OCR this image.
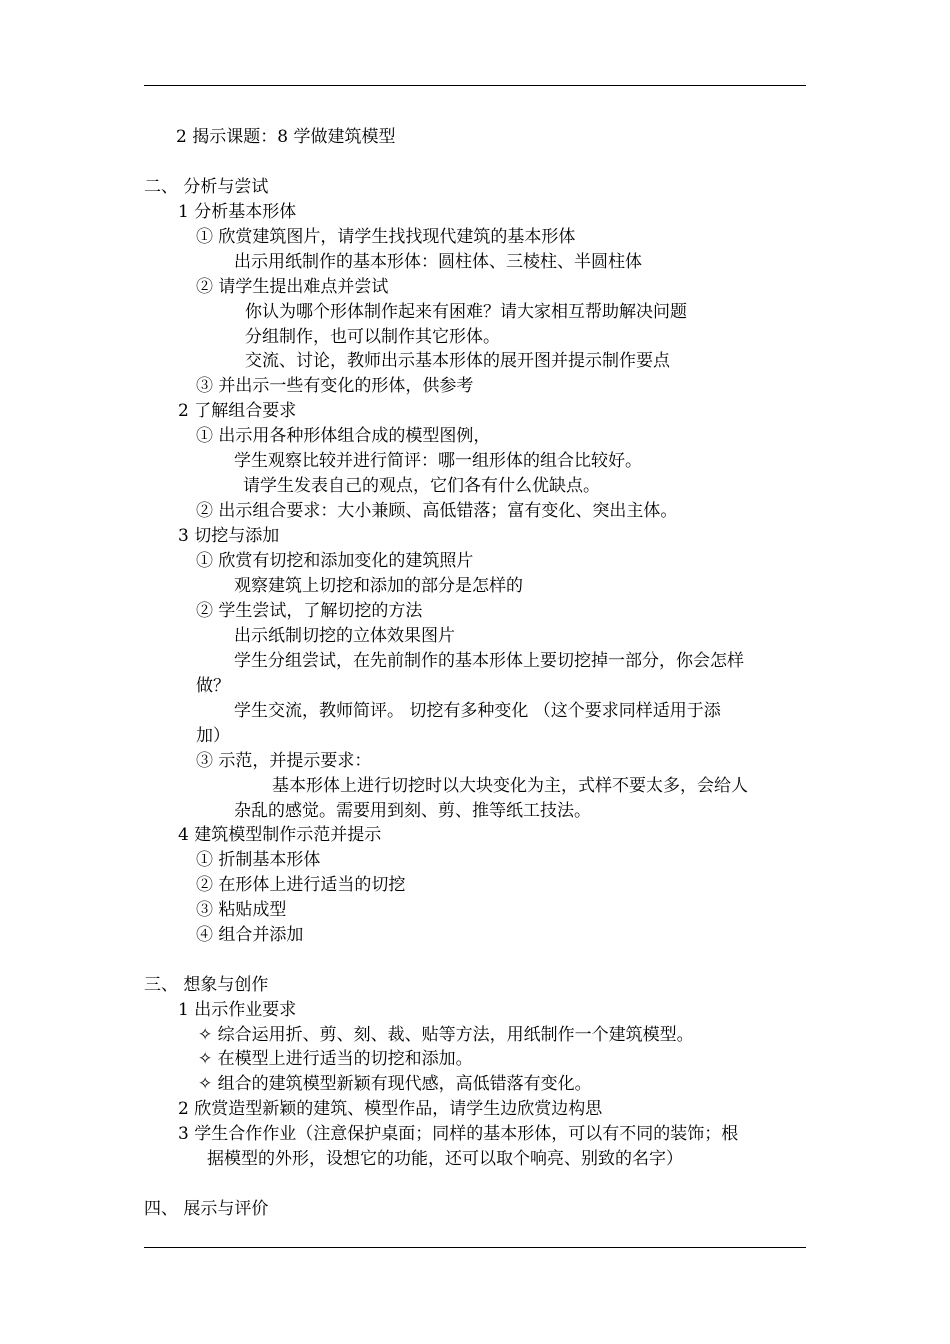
2 揭示课题：8 学做建筑模型
二、 分析与尝试
1 分析基本形体
① 欣赏建筑图片，请学生找找现代建筑的基本形体
出示用纸制作的基本形体：圆柱体、三棱柱、半圆柱体
② 请学生提出难点并尝试
你认为哪个形体制作起来有困难？请大家相互帮助解决问题
分组制作，也可以制作其它形体。
交流、讨论，教师出示基本形体的展开图并提示制作要点
③ 并出示一些有变化的形体，供参考
2 了解组合要求
① 出示用各种形体组合成的模型图例，
学生观察比较并进行简评：哪一组形体的组合比较好。
请学生发表自己的观点，它们各有什么优缺点。
② 出示组合要求：大小兼顾、高低错落；富有变化、突出主体。
3 切挖与添加
① 欣赏有切挖和添加变化的建筑照片
观察建筑上切挖和添加的部分是怎样的
② 学生尝试，了解切挖的方法
出示纸制切挖的立体效果图片
学生分组尝试，在先前制作的基本形体上要切挖掉一部分，你会怎样
做？
学生交流，教师简评。 切挖有多种变化 （这个要求同样适用于添
加）
③ 示范，并提示要求：
基本形体上进行切挖时以大块变化为主，式样不要太多，会给人
杂乱的感觉。需要用到刻、剪、推等纸工技法。
4 建筑模型制作示范并提示
① 折制基本形体
② 在形体上进行适当的切挖
③ 粘贴成型
④ 组合并添加
三、 想象与创作
1 出示作业要求
✧ 综合运用折、剪、刻、裁、贴等方法，用纸制作一个建筑模型。
✧ 在模型上进行适当的切挖和添加。
✧ 组合的建筑模型新颖有现代感，高低错落有变化。
2 欣赏造型新颖的建筑、模型作品，请学生边欣赏边构思
3 学生合作作业（注意保护桌面；同样的基本形体，可以有不同的装饰；根
据模型的外形，设想它的功能，还可以取个响亮、别致的名字）
四、 展示与评价
